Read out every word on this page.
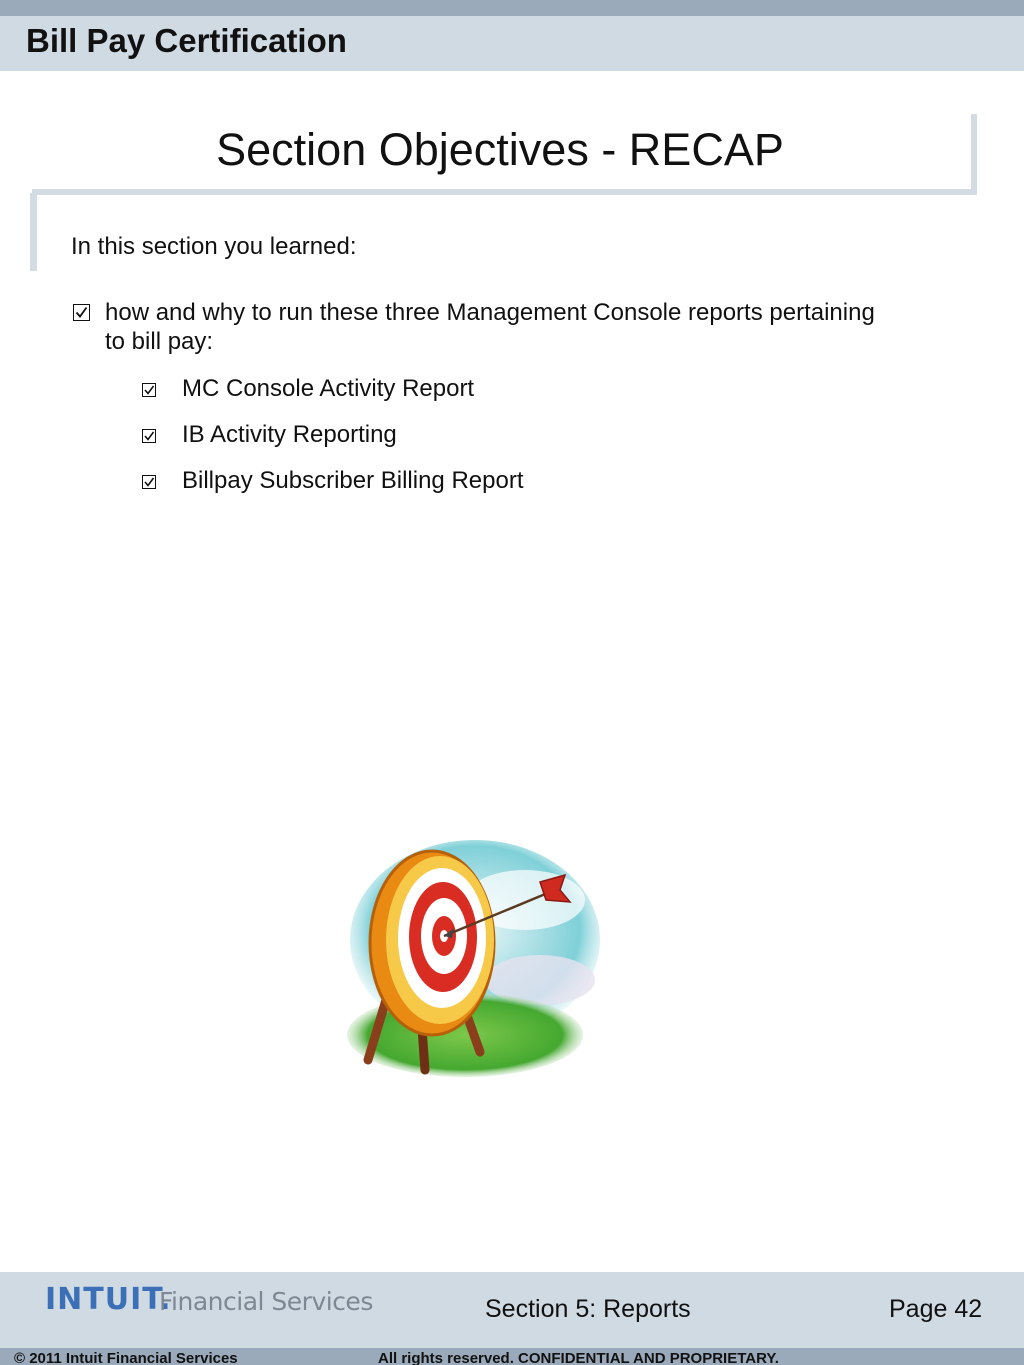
Bill Pay Certification
Section Objectives - RECAP
In this section you learned:
how and why to run these three Management Console reports pertaining to bill pay:
MC Console Activity Report
IB Activity Reporting
Billpay Subscriber Billing Report
INTUIT.
Financial Services	Section 5: Reports	Page 42
© 2011 Intuit Financial Services	All rights reserved. CONFIDENTIAL AND PROPRIETARY.
